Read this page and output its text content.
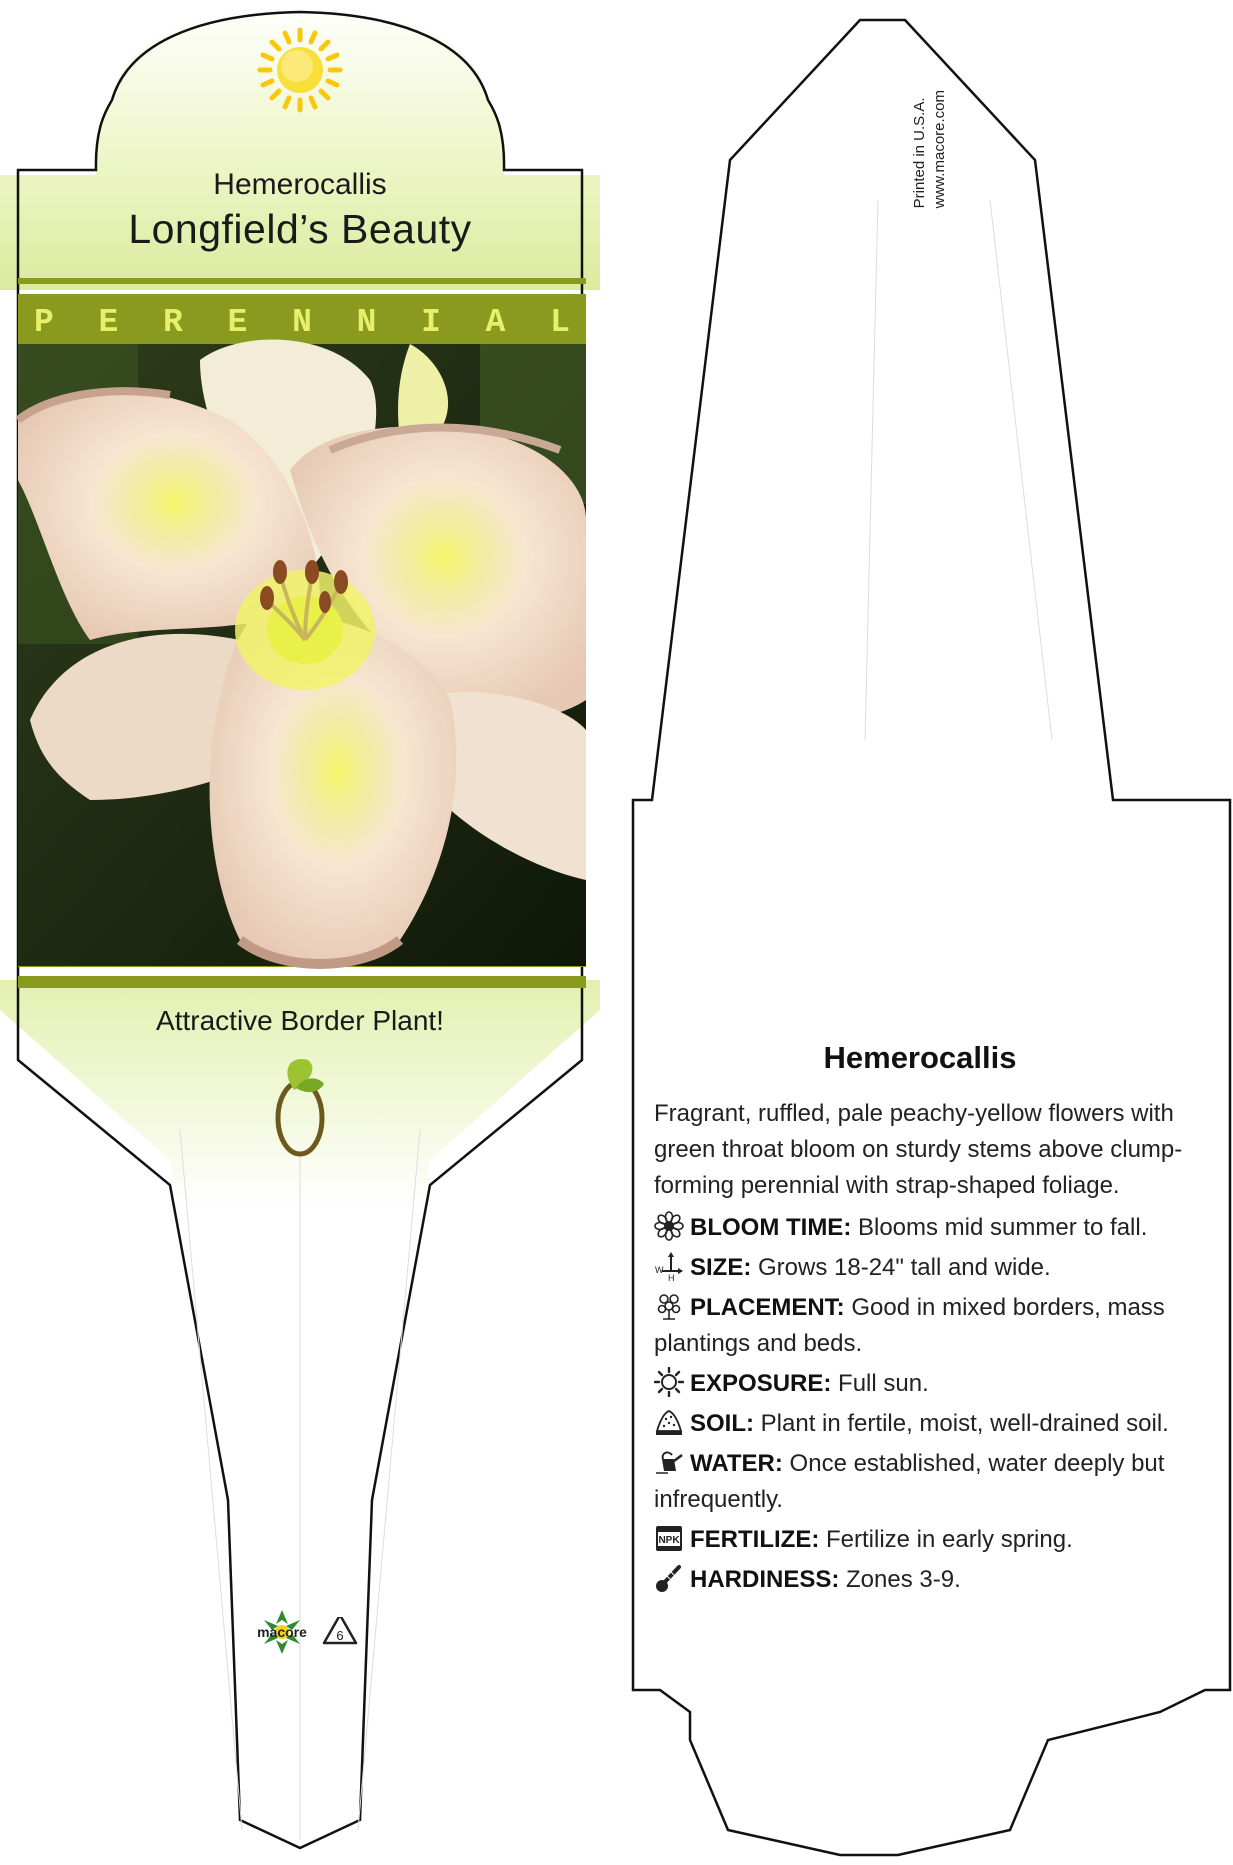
macore 6
Hemerocallis
Longfield’s Beauty
P E R E N N I A L
Attractive Border Plant!
Printed in U.S.A. www.macore.com
Hemerocallis

Fragrant, ruffled, pale peachy-yellow flowers with green throat bloom on sturdy stems above clump-forming perennial with strap-shaped foliage.

BLOOM TIME: Blooms mid summer to fall.
W
H SIZE: Grows 18-24" tall and wide.
PLACEMENT: Good in mixed borders, mass plantings and beds.
EXPOSURE: Full sun.
SOIL: Plant in fertile, moist, well-drained soil.
WATER: Once established, water deeply but infrequently.
NPK FERTILIZE: Fertilize in early spring.
HARDINESS: Zones 3-9.
